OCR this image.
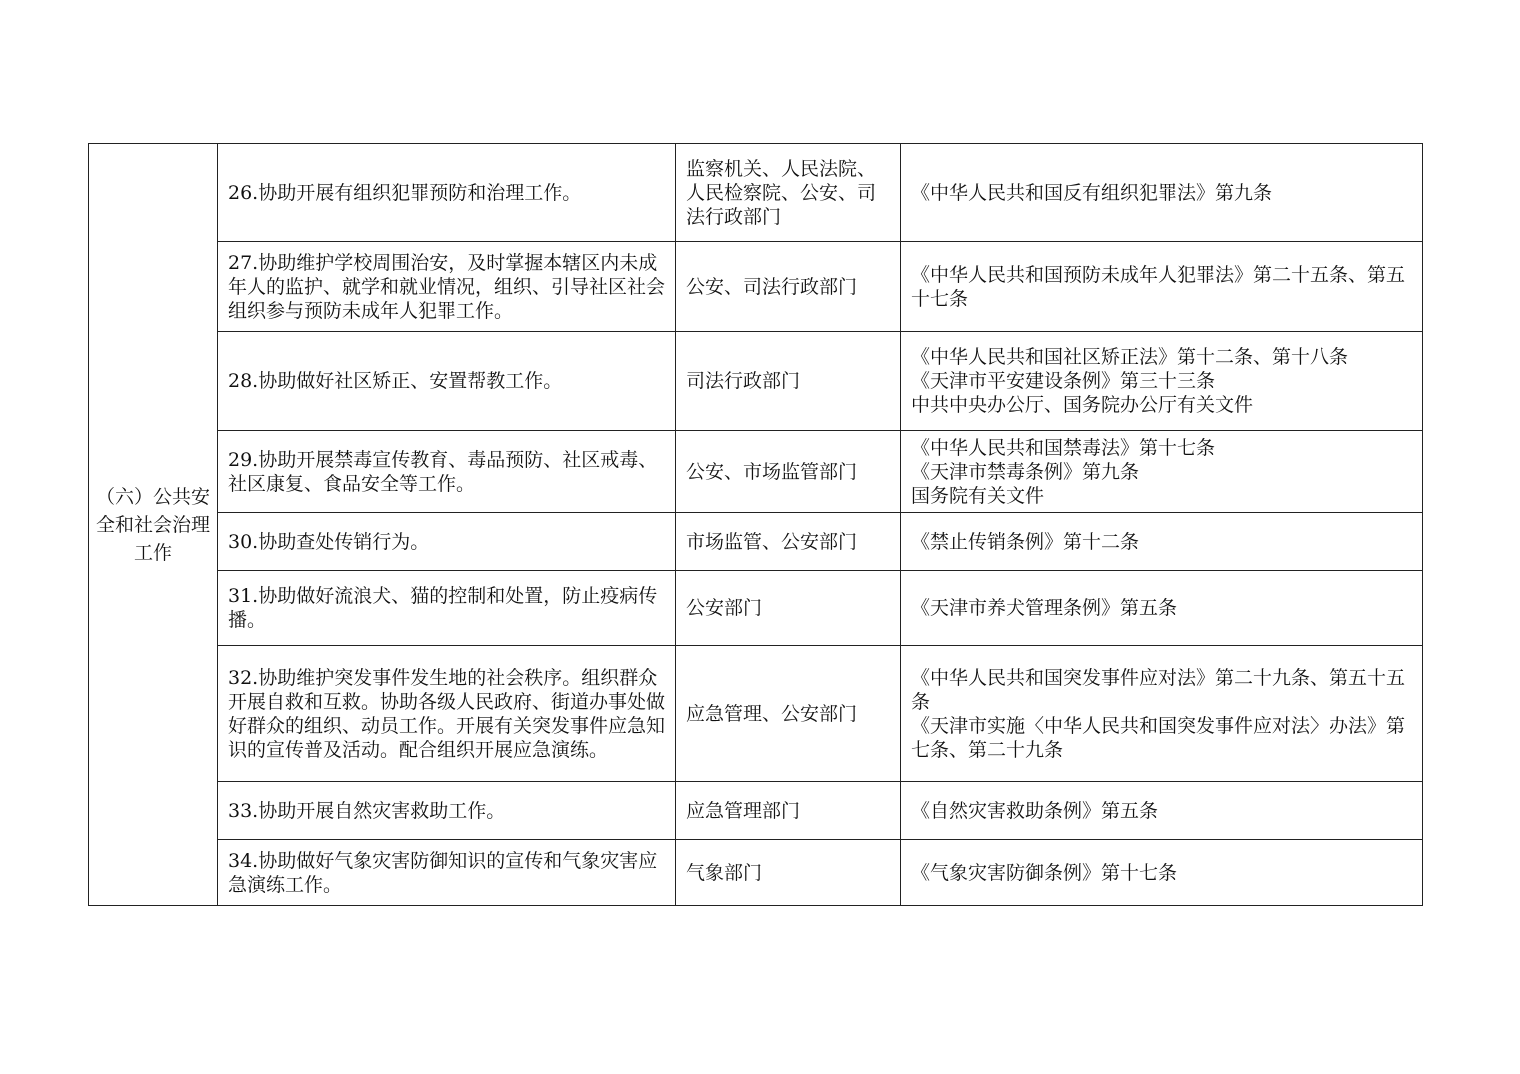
（六）公共安全和社会治理工作	26.协助开展有组织犯罪预防和治理工作。	监察机关、人民法院、人民检察院、公安、司法行政部门	《中华人民共和国反有组织犯罪法》第九条

	27.协助维护学校周围治安，及时掌握本辖区内未成年人的监护、就学和就业情况，组织、引导社区社会组织参与预防未成年人犯罪工作。	公安、司法行政部门	《中华人民共和国预防未成年人犯罪法》第二十五条、第五十七条
	28.协助做好社区矫正、安置帮教工作。	司法行政部门	《中华人民共和国社区矫正法》第十二条、第十八条
《天津市平安建设条例》第三十三条
中共中央办公厅、国务院办公厅有关文件

	29.协助开展禁毒宣传教育、毒品预防、社区戒毒、社区康复、食品安全等工作。	公安、市场监管部门	《中华人民共和国禁毒法》第十七条
《天津市禁毒条例》第九条
国务院有关文件

	30.协助查处传销行为。	市场监管、公安部门	《禁止传销条例》第十二条
	31.协助做好流浪犬、猫的控制和处置，防止疫病传播。	公安部门	《天津市养犬管理条例》第五条
	32.协助维护突发事件发生地的社会秩序。组织群众开展自救和互救。协助各级人民政府、街道办事处做好群众的组织、动员工作。开展有关突发事件应急知识的宣传普及活动。配合组织开展应急演练。	应急管理、公安部门	《中华人民共和国突发事件应对法》第二十九条、第五十五条
《天津市实施〈中华人民共和国突发事件应对法〉办法》第七条、第二十九条
	33.协助开展自然灾害救助工作。	应急管理部门	《自然灾害救助条例》第五条
	34.协助做好气象灾害防御知识的宣传和气象灾害应急演练工作。	气象部门	《气象灾害防御条例》第十七条
